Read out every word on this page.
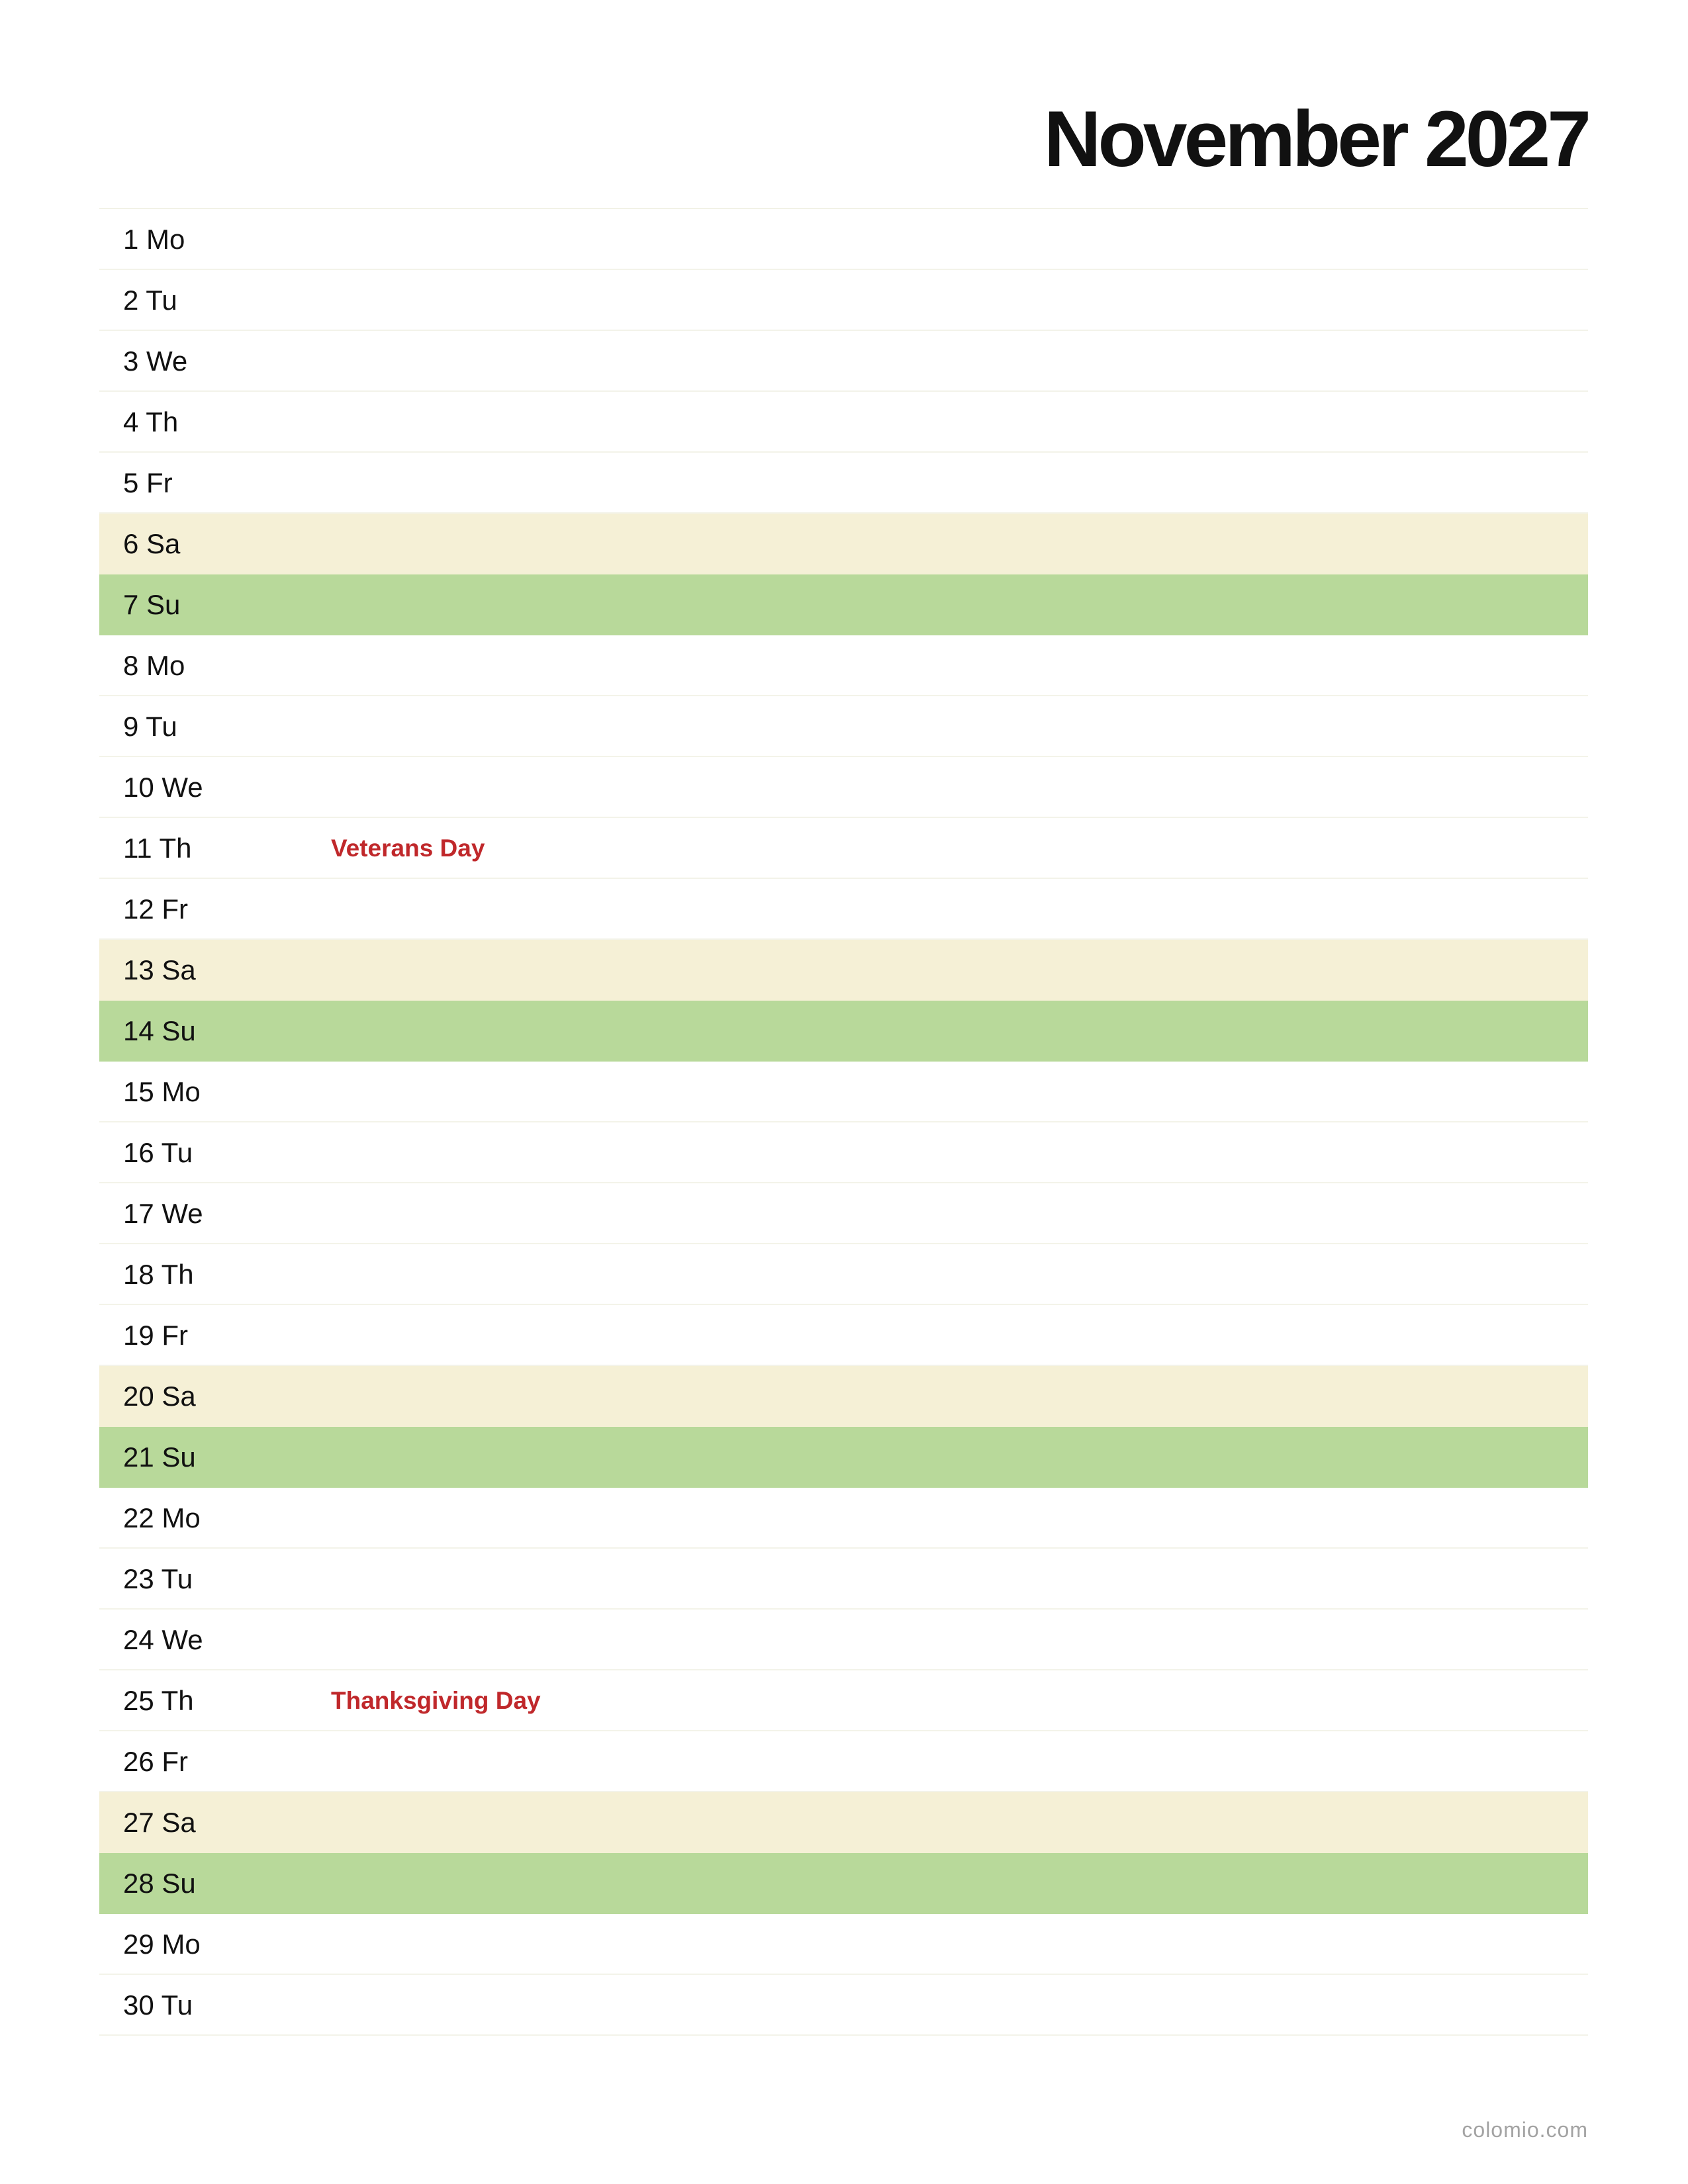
November 2027
1 Mo
2 Tu
3 We
4 Th
5 Fr
6 Sa
7 Su
8 Mo
9 Tu
10 We
11 Th	Veterans Day
12 Fr
13 Sa
14 Su
15 Mo
16 Tu
17 We
18 Th
19 Fr
20 Sa
21 Su
22 Mo
23 Tu
24 We
25 Th	Thanksgiving Day
26 Fr
27 Sa
28 Su
29 Mo
30 Tu
colomio.com
